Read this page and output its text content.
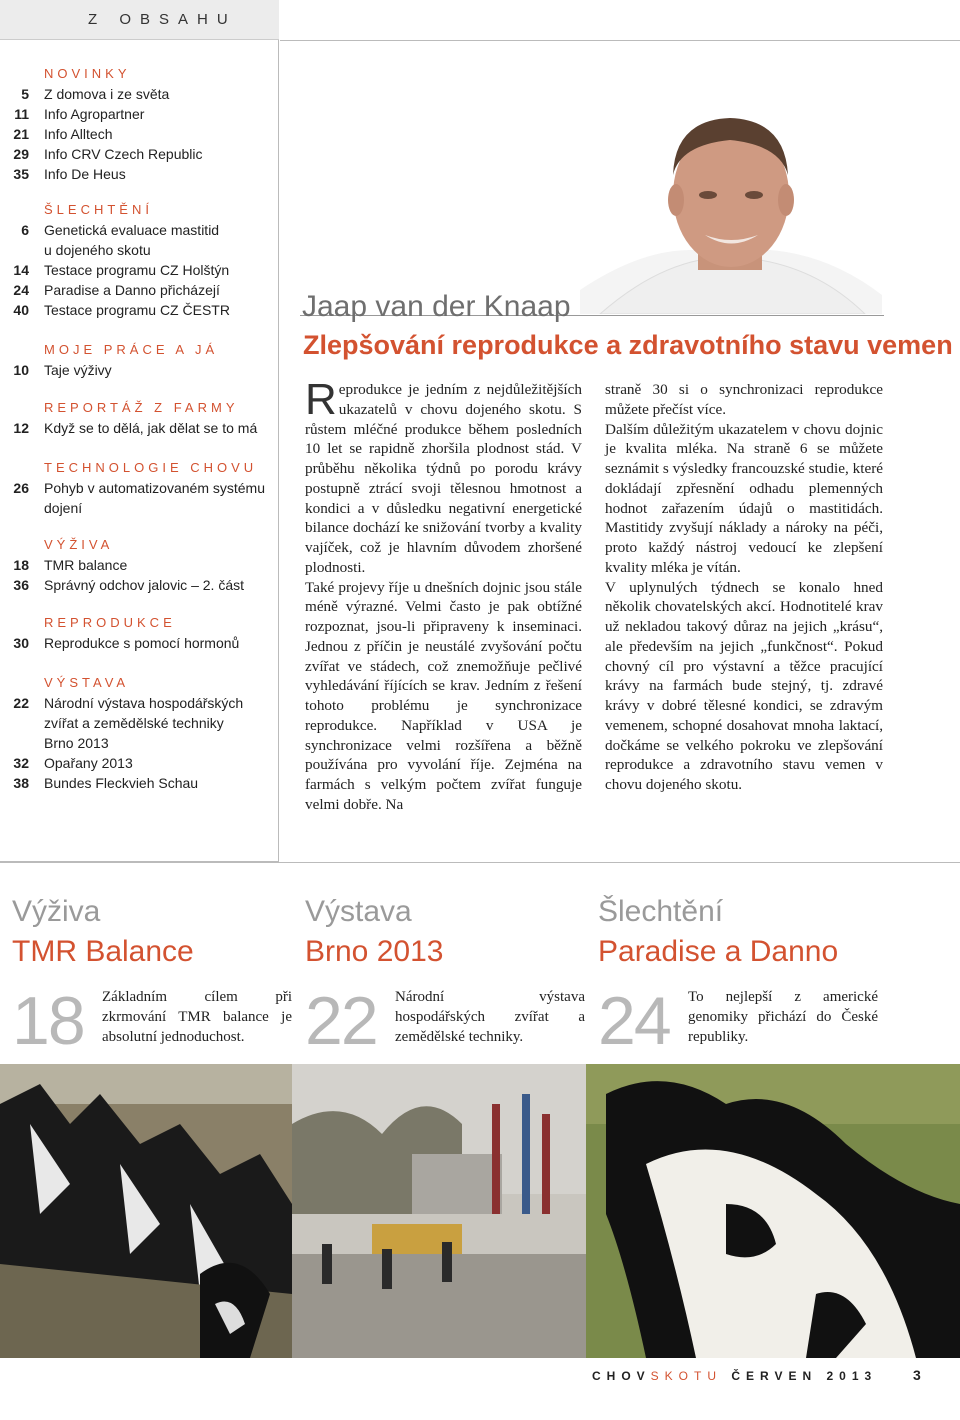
Z OBSAHU
NOVINKY
5	Z domova i ze světa
11	Info Agropartner
21	Info Alltech
29	Info CRV Czech Republic
35	Info De Heus
ŠLECHTĚNÍ
6	Genetická evaluace mastitid
u dojeného skotu
14	Testace programu CZ Holštýn
24	Paradise a Danno přicházejí
40	Testace programu CZ ČESTR
MOJE PRÁCE A JÁ
10	Taje výživy
REPORTÁŽ Z FARMY
12	Když se to dělá, jak dělat se to má
TECHNOLOGIE CHOVU
26	Pohyb v automatizovaném systému
dojení
VÝŽIVA
18	TMR balance
36	Správný odchov jalovic – 2. část
REPRODUKCE
30	Reprodukce s pomocí hormonů
VÝSTAVA
22	Národní výstava hospodářských
zvířat a zemědělské techniky
Brno 2013
32	Opařany 2013
38	Bundes Fleckvieh Schau
Jaap van der Knaap
Zlepšování reprodukce a zdravotního stavu vemen

Reprodukce je jedním z nejdůležitějších ukazatelů v chovu dojeného skotu. S růstem mléčné produkce během posledních 10 let se rapidně zhoršila plodnost stád. V průběhu několika týdnů po porodu krávy postupně ztrácí svoji tělesnou hmotnost a kondici a v důsledku negativní energetické bilance dochází ke snižování tvorby a kvality vajíček, což je hlavním důvodem zhoršené plodnosti.

Také projevy říje u dnešních dojnic jsou stále méně výrazné. Velmi často je pak obtížné rozpoznat, jsou-li připraveny k inseminaci. Jednou z příčin je neustálé zvyšování počtu zvířat ve stádech, což znemožňuje pečlivé vyhledávání říjících se krav. Jedním z řešení tohoto problému je synchronizace reprodukce. Například v USA je synchronizace velmi rozšířena a běžně používána pro vyvolání říje. Zejména na farmách s velkým počtem zvířat funguje velmi dobře. Na

straně 30 si o synchronizaci reprodukce můžete přečíst více.

Dalším důležitým ukazatelem v chovu dojnic je kvalita mléka. Na straně 6 se můžete seznámit s výsledky francouzské studie, které dokládají zpřesnění odhadu plemenných hodnot zařazením údajů o mastitidách. Mastitidy zvyšují náklady a nároky na péči, proto každý nástroj vedoucí ke zlepšení kvality mléka je vítán.

V uplynulých týdnech se konalo hned několik chovatelských akcí. Hodnotitelé krav už nekladou takový důraz na jejich „krásu“, ale především na jejich „funkčnost“. Pokud chovný cíl pro výstavní a těžce pracující krávy na farmách bude stejný, tj. zdravé krávy v dobré tělesné kondici, se zdravým vemenem, schopné dosahovat mnoha laktací, dočkáme se velkého pokroku ve zlepšování reprodukce a zdravotního stavu vemen v chovu dojeného skotu.

Výživa
TMR Balance
18 Základním cílem při zkrmování TMR balance je absolutní jednoduchost.
Výstava
Brno 2013
22 Národní výstava hospodářských zvířat a zemědělské techniky.
Šlechtění
Paradise a Danno
24 To nejlepší z americké genomiky přichází do České republiky.
CHOVSKOTU ČERVEN 2013	3
